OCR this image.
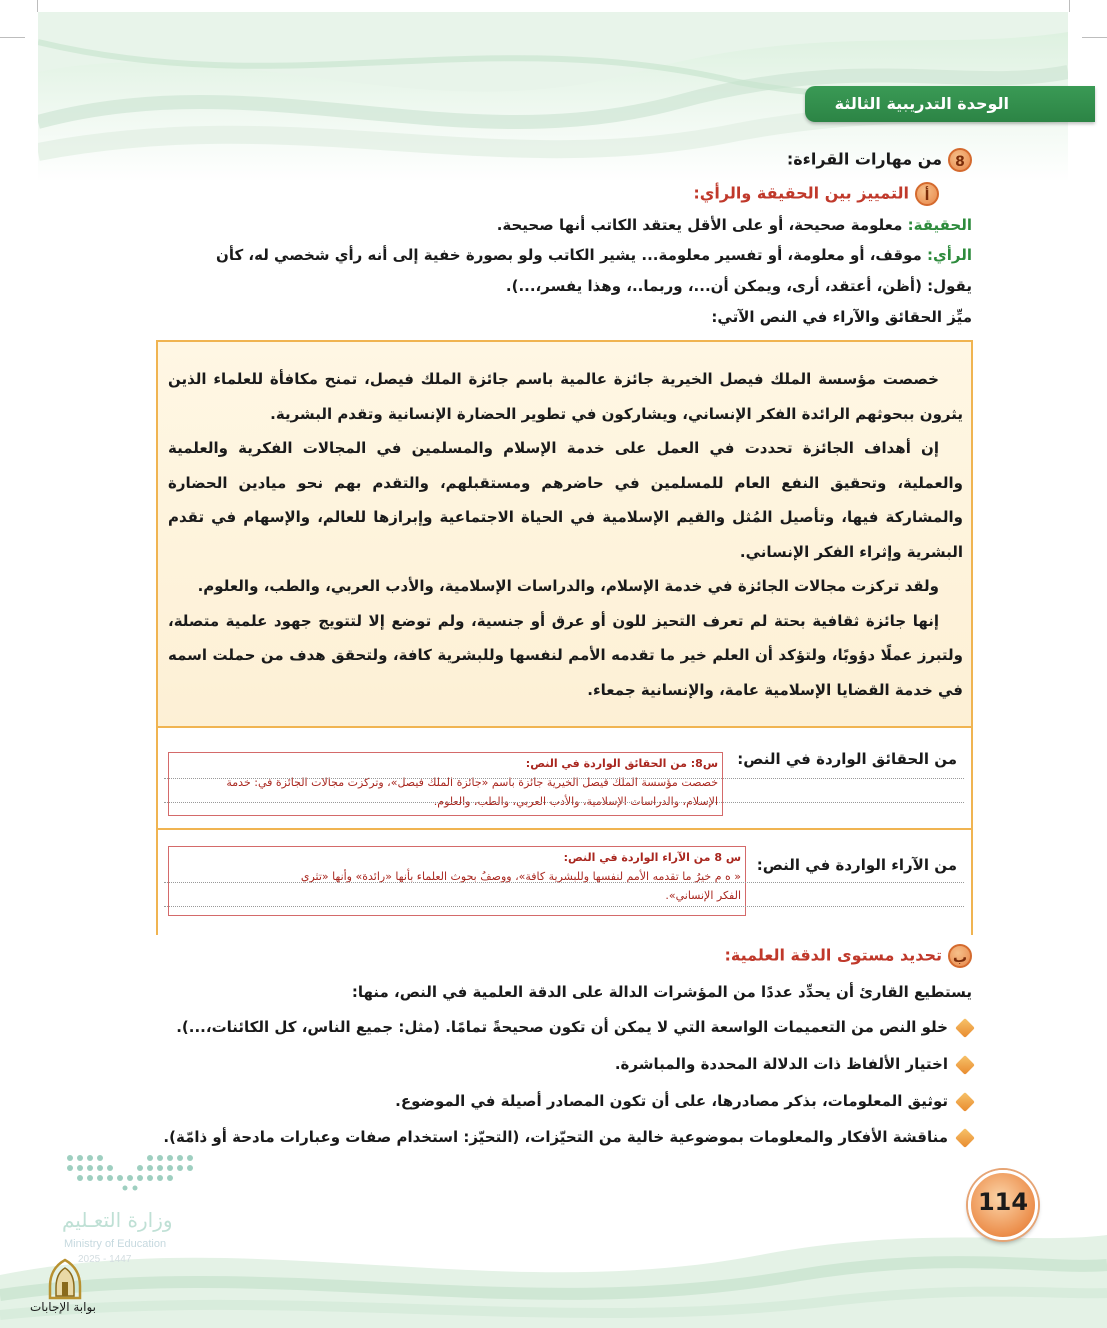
الوحدة التدريبية الثالثة
8من مهارات القراءة:
أالتمييز بين الحقيقة والرأي:
الحقيقة: معلومة صحيحة، أو على الأقل يعتقد الكاتب أنها صحيحة.
الرأي: موقف، أو معلومة، أو تفسير معلومة... يشير الكاتب ولو بصورة خفية إلى أنه رأي شخصي له، كأن
يقول: (أظن، أعتقد، أرى، ويمكن أن...، وربما..، وهذا يفسر،...).
ميِّز الحقائق والآراء في النص الآتي:

خصصت مؤسسة الملك فيصل الخيرية جائزة عالمية باسم جائزة الملك فيصل، تمنح مكافأة للعلماء الذين يثرون ببحوثهم الرائدة الفكر الإنساني، ويشاركون في تطوير الحضارة الإنسانية وتقدم البشرية.

إن أهداف الجائزة تحددت في العمل على خدمة الإسلام والمسلمين في المجالات الفكرية والعلمية والعملية، وتحقيق النفع العام للمسلمين في حاضرهم ومستقبلهم، والتقدم بهم نحو ميادين الحضارة والمشاركة فيها، وتأصيل المُثل والقيم الإسلامية في الحياة الاجتماعية وإبرازها للعالم، والإسهام في تقدم البشرية وإثراء الفكر الإنساني.

ولقد تركزت مجالات الجائزة في خدمة الإسلام، والدراسات الإسلامية، والأدب العربي، والطب، والعلوم.

إنها جائزة ثقافية بحتة لم تعرف التحيز للون أو عرق أو جنسية، ولم توضع إلا لتتويج جهود علمية متصلة، ولتبرز عملًا دؤوبًا، ولتؤكد أن العلم خير ما تقدمه الأمم لنفسها وللبشرية كافة، ولتحقق هدف من حملت اسمه في خدمة القضايا الإسلامية عامة، والإنسانية جمعاء.

من الحقائق الواردة في النص:
س8: من الحقائق الواردة في النص:
خصصت مؤسسة الملك فيصل الخيرية جائزة باسم «جائزة الملك فيصل»، وتركزت مجالات الجائزة في: خدمة
الإسلام، والدراسات الإسلامية، والأدب العربي، والطب، والعلوم.
من الآراء الواردة في النص:
س 8 من الآراء الواردة في النص:
« ه م خيرُ ما تقدمه الأمم لنفسها وللبشرية كافة»، ووصفُ بحوث العلماء بأنها «رائدة» وأنها «تثري
الفكر الإنساني».
بتحديد مستوى الدقة العلمية:
يستطيع القارئ أن يحدِّد عددًا من المؤشرات الدالة على الدقة العلمية في النص، منها:
خلو النص من التعميمات الواسعة التي لا يمكن أن تكون صحيحةً تمامًا. (مثل: جميع الناس، كل الكائنات،...).
اختيار الألفاظ ذات الدلالة المحددة والمباشرة.
توثيق المعلومات، بذكر مصادرها، على أن تكون المصادر أصيلة في الموضوع.
مناقشة الأفكار والمعلومات بموضوعية خالية من التحيّزات، (التحيّز: استخدام صفات وعبارات مادحة أو ذامّة).
وزارة التعـليم
Ministry of Education
2025 - 1447
بوابة الإجابات
114
